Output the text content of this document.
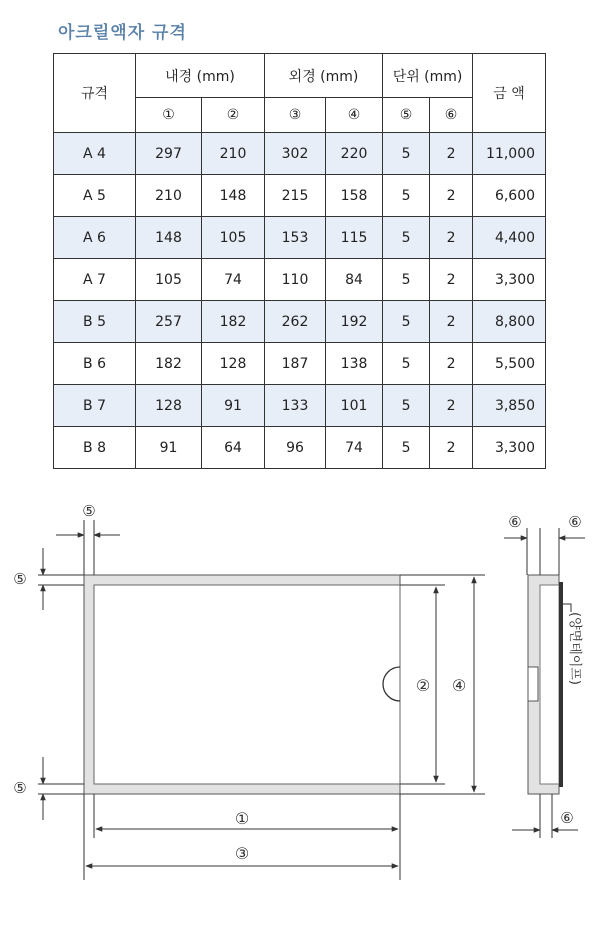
아크릴액자 규격
규격	내경 (mm)		외경 (mm)		단위 (mm)		금 액
	①	②	③	④	⑤	⑥	
A 4	297	210	302	220	5	2	11,000
A 5	210	148	215	158	5	2	6,600
A 6	148	105	153	115	5	2	4,400
A 7	105	74	110	84	5	2	3,300
B 5	257	182	262	192	5	2	8,800
B 6	182	128	187	138	5	2	5,500
B 7	128	91	133	101	5	2	3,850
B 8	91	64	96	74	5	2	3,300
⑤
⑤
⑤
② ④
①
③
⑥	⑥
⑥
(양면테이프)
